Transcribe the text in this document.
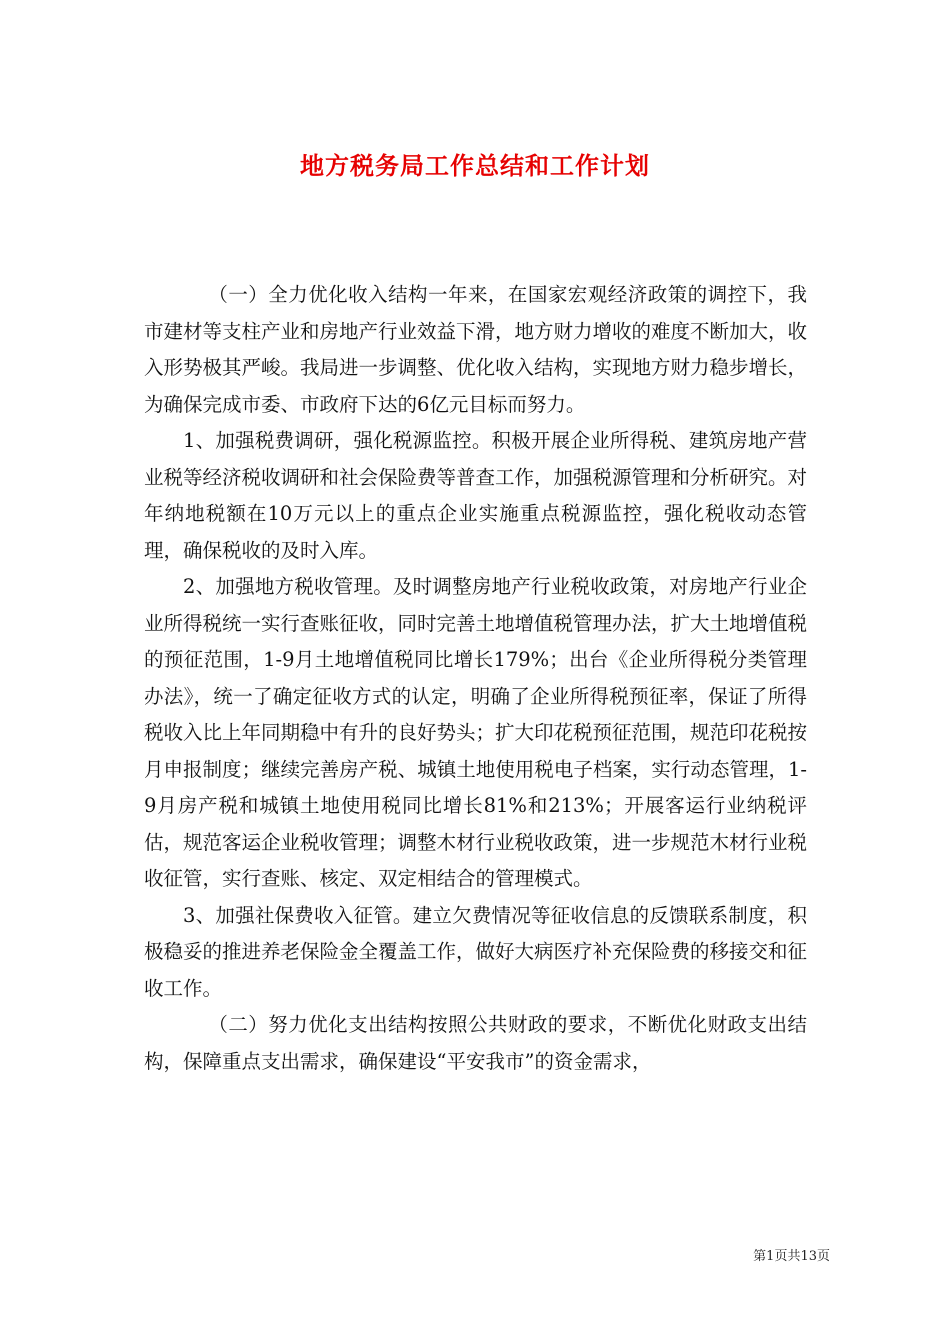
地方税务局工作总结和工作计划

（一）全力优化收入结构一年来，在国家宏观经济政策的调控下，我市建材等支柱产业和房地产行业效益下滑，地方财力增收的难度不断加大，收入形势极其严峻。我局进一步调整、优化收入结构，实现地方财力稳步增长，为确保完成市委、市政府下达的6亿元目标而努力。

1、加强税费调研，强化税源监控。积极开展企业所得税、建筑房地产营业税等经济税收调研和社会保险费等普查工作，加强税源管理和分析研究。对年纳地税额在10万元以上的重点企业实施重点税源监控，强化税收动态管理，确保税收的及时入库。

2、加强地方税收管理。及时调整房地产行业税收政策，对房地产行业企业所得税统一实行查账征收，同时完善土地增值税管理办法，扩大土地增值税的预征范围，1-9月土地增值税同比增长179%；出台《企业所得税分类管理办法》，统一了确定征收方式的认定，明确了企业所得税预征率，保证了所得税收入比上年同期稳中有升的良好势头；扩大印花税预征范围，规范印花税按月申报制度；继续完善房产税、城镇土地使用税电子档案，实行动态管理，1-9月房产税和城镇土地使用税同比增长81%和213%；开展客运行业纳税评估，规范客运企业税收管理；调整木材行业税收政策，进一步规范木材行业税收征管，实行查账、核定、双定相结合的管理模式。

3、加强社保费收入征管。建立欠费情况等征收信息的反馈联系制度，积极稳妥的推进养老保险金全覆盖工作，做好大病医疗补充保险费的移接交和征收工作。

（二）努力优化支出结构按照公共财政的要求，不断优化财政支出结构，保障重点支出需求，确保建设“平安我市”的资金需求，

第1页共13页
